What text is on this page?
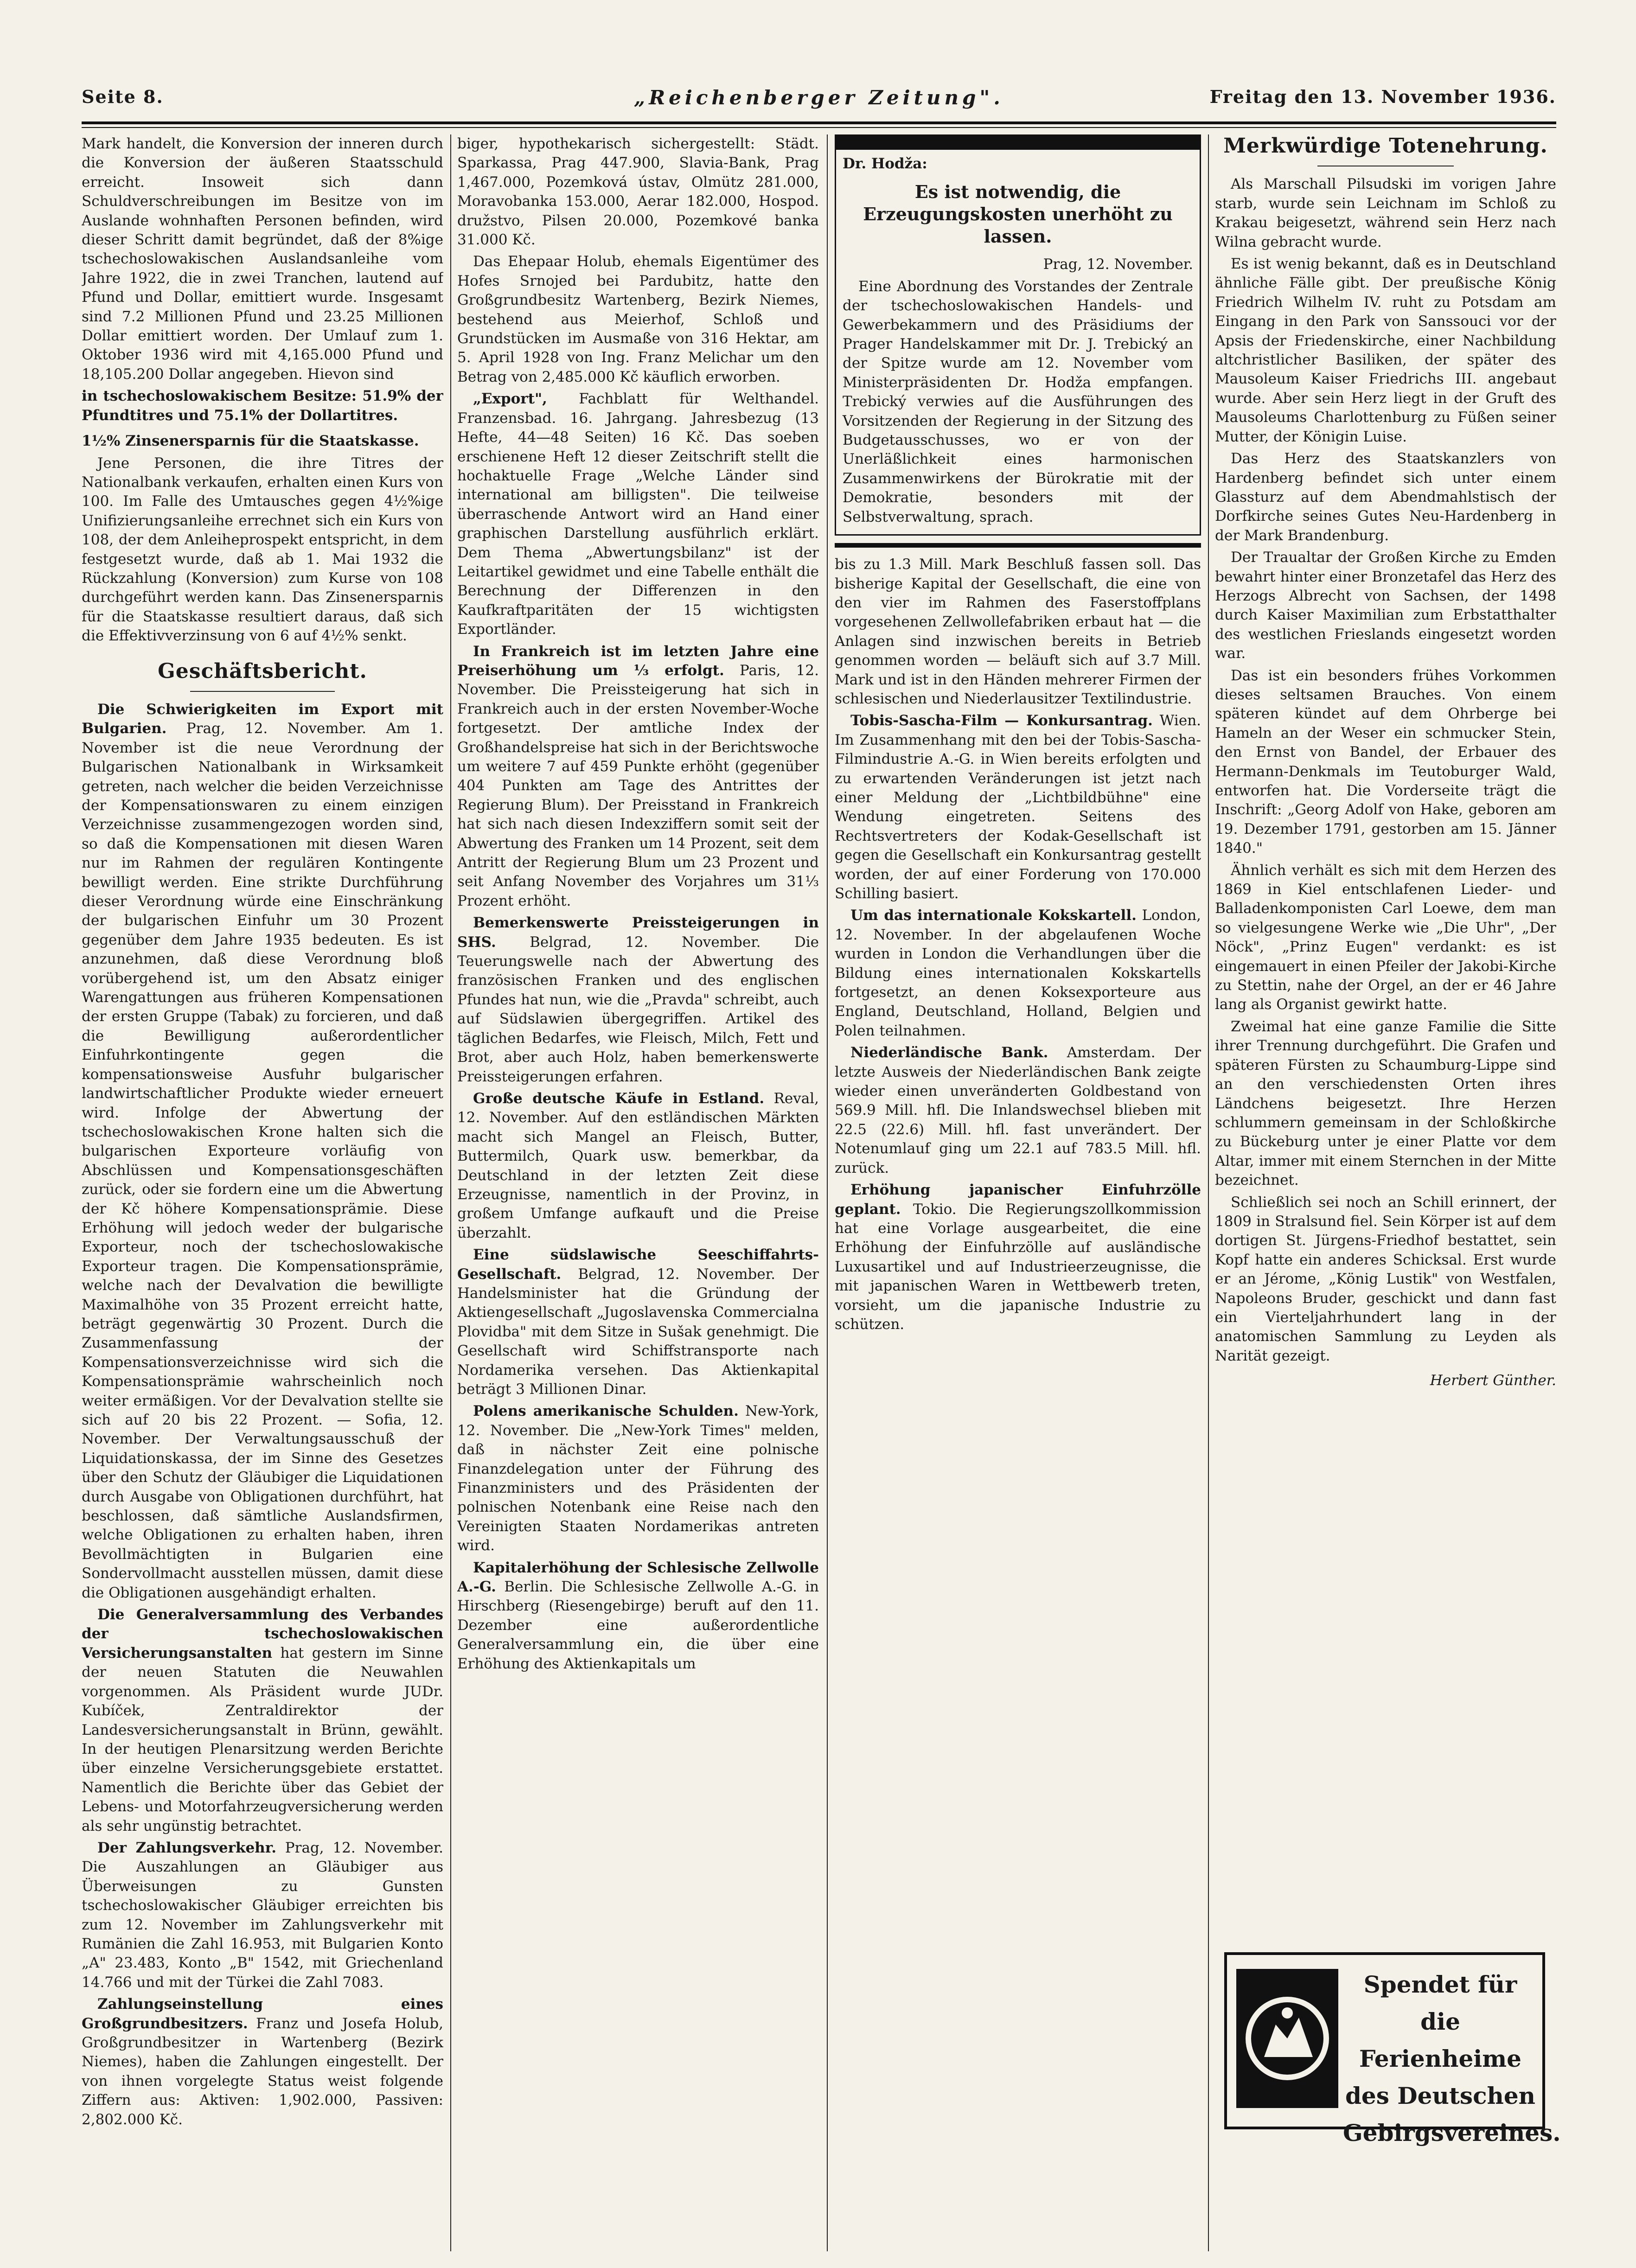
Seite 8.	„Reichenberger Zeitung".	Freitag den 13. November 1936.

Mark handelt, die Konversion der inneren durch die Konversion der äußeren Staatsschuld erreicht. Insoweit sich dann Schuldverschreibungen im Besitze von im Auslande wohnhaften Personen befinden, wird dieser Schritt damit begründet, daß der 8%ige tschechoslowakischen Auslandsanleihe vom Jahre 1922, die in zwei Tranchen, lautend auf Pfund und Dollar, emittiert wurde. Insgesamt sind 7.2 Millionen Pfund und 23.25 Millionen Dollar emittiert worden. Der Umlauf zum 1. Oktober 1936 wird mit 4,165.000 Pfund und 18,105.200 Dollar angegeben. Hievon sind

in tschechoslowakischem Besitze: 51.9% der Pfundtitres und 75.1% der Dollartitres.

1½% Zinsenersparnis für die Staatskasse.

Jene Personen, die ihre Titres der Nationalbank verkaufen, erhalten einen Kurs von 100. Im Falle des Umtausches gegen 4½%ige Unifizierungsanleihe errechnet sich ein Kurs von 108, der dem Anleiheprospekt entspricht, in dem festgesetzt wurde, daß ab 1. Mai 1932 die Rückzahlung (Konversion) zum Kurse von 108 durchgeführt werden kann. Das Zinsenersparnis für die Staatskasse resultiert daraus, daß sich die Effektivverzinsung von 6 auf 4½% senkt.

Geschäftsbericht.

Die Schwierigkeiten im Export mit Bulgarien. Prag, 12. November. Am 1. November ist die neue Verordnung der Bulgarischen Nationalbank in Wirksamkeit getreten, nach welcher die beiden Verzeichnisse der Kompensationswaren zu einem einzigen Verzeichnisse zusammengezogen worden sind, so daß die Kompensationen mit diesen Waren nur im Rahmen der regulären Kontingente bewilligt werden. Eine strikte Durchführung dieser Verordnung würde eine Einschränkung der bulgarischen Einfuhr um 30 Prozent gegenüber dem Jahre 1935 bedeuten. Es ist anzunehmen, daß diese Verordnung bloß vorübergehend ist, um den Absatz einiger Warengattungen aus früheren Kompensationen der ersten Gruppe (Tabak) zu forcieren, und daß die Bewilligung außerordentlicher Einfuhrkontingente gegen die kompensationsweise Ausfuhr bulgarischer landwirtschaftlicher Produkte wieder erneuert wird. Infolge der Abwertung der tschechoslowakischen Krone halten sich die bulgarischen Exporteure vorläufig von Abschlüssen und Kompensationsgeschäften zurück, oder sie fordern eine um die Abwertung der Kč höhere Kompensationsprämie. Diese Erhöhung will jedoch weder der bulgarische Exporteur, noch der tschechoslowakische Exporteur tragen. Die Kompensationsprämie, welche nach der Devalvation die bewilligte Maximalhöhe von 35 Prozent erreicht hatte, beträgt gegenwärtig 30 Prozent. Durch die Zusammenfassung der Kompensationsverzeichnisse wird sich die Kompensationsprämie wahrscheinlich noch weiter ermäßigen. Vor der Devalvation stellte sie sich auf 20 bis 22 Prozent. — Sofia, 12. November. Der Verwaltungsausschuß der Liquidationskassa, der im Sinne des Gesetzes über den Schutz der Gläubiger die Liquidationen durch Ausgabe von Obligationen durchführt, hat beschlossen, daß sämtliche Auslandsfirmen, welche Obligationen zu erhalten haben, ihren Bevollmächtigten in Bulgarien eine Sondervollmacht ausstellen müssen, damit diese die Obligationen ausgehändigt erhalten.

Die Generalversammlung des Verbandes der tschechoslowakischen Versicherungsanstalten hat gestern im Sinne der neuen Statuten die Neuwahlen vorgenommen. Als Präsident wurde JUDr. Kubíček, Zentraldirektor der Landesversicherungsanstalt in Brünn, gewählt. In der heutigen Plenarsitzung werden Berichte über einzelne Versicherungsgebiete erstattet. Namentlich die Berichte über das Gebiet der Lebens- und Motorfahrzeugversicherung werden als sehr ungünstig betrachtet.

Der Zahlungsverkehr. Prag, 12. November. Die Auszahlungen an Gläubiger aus Überweisungen zu Gunsten tschechoslowakischer Gläubiger erreichten bis zum 12. November im Zahlungsverkehr mit Rumänien die Zahl 16.953, mit Bulgarien Konto „A" 23.483, Konto „B" 1542, mit Griechenland 14.766 und mit der Türkei die Zahl 7083.

Zahlungseinstellung eines Großgrundbesitzers. Franz und Josefa Holub, Großgrundbesitzer in Wartenberg (Bezirk Niemes), haben die Zahlungen eingestellt. Der von ihnen vorgelegte Status weist folgende Ziffern aus: Aktiven: 1,902.000, Passiven: 2,802.000 Kč.

biger, hypothekarisch sichergestellt: Städt. Sparkassa, Prag 447.900, Slavia-Bank, Prag 1,467.000, Pozemková ústav, Olmütz 281.000, Moravobanka 153.000, Aerar 182.000, Hospod. družstvo, Pilsen 20.000, Pozemkové banka 31.000 Kč.

Das Ehepaar Holub, ehemals Eigentümer des Hofes Srnojed bei Pardubitz, hatte den Großgrundbesitz Wartenberg, Bezirk Niemes, bestehend aus Meierhof, Schloß und Grundstücken im Ausmaße von 316 Hektar, am 5. April 1928 von Ing. Franz Melichar um den Betrag von 2,485.000 Kč käuflich erworben.

„Export", Fachblatt für Welthandel. Franzensbad. 16. Jahrgang. Jahresbezug (13 Hefte, 44—48 Seiten) 16 Kč. Das soeben erschienene Heft 12 dieser Zeitschrift stellt die hochaktuelle Frage „Welche Länder sind international am billigsten". Die teilweise überraschende Antwort wird an Hand einer graphischen Darstellung ausführlich erklärt. Dem Thema „Abwertungsbilanz" ist der Leitartikel gewidmet und eine Tabelle enthält die Berechnung der Differenzen in den Kaufkraftparitäten der 15 wichtigsten Exportländer.

In Frankreich ist im letzten Jahre eine Preiserhöhung um ⅓ erfolgt. Paris, 12. November. Die Preissteigerung hat sich in Frankreich auch in der ersten November-Woche fortgesetzt. Der amtliche Index der Großhandelspreise hat sich in der Berichtswoche um weitere 7 auf 459 Punkte erhöht (gegenüber 404 Punkten am Tage des Antrittes der Regierung Blum). Der Preisstand in Frankreich hat sich nach diesen Indexziffern somit seit der Abwertung des Franken um 14 Prozent, seit dem Antritt der Regierung Blum um 23 Prozent und seit Anfang November des Vorjahres um 31⅓ Prozent erhöht.

Bemerkenswerte Preissteigerungen in SHS. Belgrad, 12. November. Die Teuerungswelle nach der Abwertung des französischen Franken und des englischen Pfundes hat nun, wie die „Pravda" schreibt, auch auf Südslawien übergegriffen. Artikel des täglichen Bedarfes, wie Fleisch, Milch, Fett und Brot, aber auch Holz, haben bemerkenswerte Preissteigerungen erfahren.

Große deutsche Käufe in Estland. Reval, 12. November. Auf den estländischen Märkten macht sich Mangel an Fleisch, Butter, Buttermilch, Quark usw. bemerkbar, da Deutschland in der letzten Zeit diese Erzeugnisse, namentlich in der Provinz, in großem Umfange aufkauft und die Preise überzahlt.

Eine südslawische Seeschiffahrts-Gesellschaft. Belgrad, 12. November. Der Handelsminister hat die Gründung der Aktiengesellschaft „Jugoslavenska Commercialna Plovidba" mit dem Sitze in Sušak genehmigt. Die Gesellschaft wird Schiffstransporte nach Nordamerika versehen. Das Aktienkapital beträgt 3 Millionen Dinar.

Polens amerikanische Schulden. New-York, 12. November. Die „New-York Times" melden, daß in nächster Zeit eine polnische Finanzdelegation unter der Führung des Finanzministers und des Präsidenten der polnischen Notenbank eine Reise nach den Vereinigten Staaten Nordamerikas antreten wird.

Kapitalerhöhung der Schlesische Zellwolle A.-G. Berlin. Die Schlesische Zellwolle A.-G. in Hirschberg (Riesengebirge) beruft auf den 11. Dezember eine außerordentliche Generalversammlung ein, die über eine Erhöhung des Aktienkapitals um

Dr. Hodža:
Es ist notwendig, die Erzeugungskosten unerhöht zu lassen.

Prag, 12. November.

Eine Abordnung des Vorstandes der Zentrale der tschechoslowakischen Handels- und Gewerbekammern und des Präsidiums der Prager Handelskammer mit Dr. J. Trebický an der Spitze wurde am 12. November vom Ministerpräsidenten Dr. Hodža empfangen. Trebický verwies auf die Ausführungen des Vorsitzenden der Regierung in der Sitzung des Budgetausschusses, wo er von der Unerläßlichkeit eines harmonischen Zusammenwirkens der Bürokratie mit der Demokratie, besonders mit der Selbstverwaltung, sprach.

bis zu 1.3 Mill. Mark Beschluß fassen soll. Das bisherige Kapital der Gesellschaft, die eine von den vier im Rahmen des Faserstoffplans vorgesehenen Zellwollefabriken erbaut hat — die Anlagen sind inzwischen bereits in Betrieb genommen worden — beläuft sich auf 3.7 Mill. Mark und ist in den Händen mehrerer Firmen der schlesischen und Niederlausitzer Textilindustrie.

Tobis-Sascha-Film — Konkursantrag. Wien. Im Zusammenhang mit den bei der Tobis-Sascha-Filmindustrie A.-G. in Wien bereits erfolgten und zu erwartenden Veränderungen ist jetzt nach einer Meldung der „Lichtbildbühne" eine Wendung eingetreten. Seitens des Rechtsvertreters der Kodak-Gesellschaft ist gegen die Gesellschaft ein Konkursantrag gestellt worden, der auf einer Forderung von 170.000 Schilling basiert.

Um das internationale Kokskartell. London, 12. November. In der abgelaufenen Woche wurden in London die Verhandlungen über die Bildung eines internationalen Kokskartells fortgesetzt, an denen Koksexporteure aus England, Deutschland, Holland, Belgien und Polen teilnahmen.

Niederländische Bank. Amsterdam. Der letzte Ausweis der Niederländischen Bank zeigte wieder einen unveränderten Goldbestand von 569.9 Mill. hfl. Die Inlandswechsel blieben mit 22.5 (22.6) Mill. hfl. fast unverändert. Der Notenumlauf ging um 22.1 auf 783.5 Mill. hfl. zurück.

Erhöhung japanischer Einfuhrzölle geplant. Tokio. Die Regierungszollkommission hat eine Vorlage ausgearbeitet, die eine Erhöhung der Einfuhrzölle auf ausländische Luxusartikel und auf Industrieerzeugnisse, die mit japanischen Waren in Wettbewerb treten, vorsieht, um die japanische Industrie zu schützen.

Merkwürdige Totenehrung.

Als Marschall Pilsudski im vorigen Jahre starb, wurde sein Leichnam im Schloß zu Krakau beigesetzt, während sein Herz nach Wilna gebracht wurde.

Es ist wenig bekannt, daß es in Deutschland ähnliche Fälle gibt. Der preußische König Friedrich Wilhelm IV. ruht zu Potsdam am Eingang in den Park von Sanssouci vor der Apsis der Friedenskirche, einer Nachbildung altchristlicher Basiliken, der später des Mausoleum Kaiser Friedrichs III. angebaut wurde. Aber sein Herz liegt in der Gruft des Mausoleums Charlottenburg zu Füßen seiner Mutter, der Königin Luise.

Das Herz des Staatskanzlers von Hardenberg befindet sich unter einem Glassturz auf dem Abendmahlstisch der Dorfkirche seines Gutes Neu-Hardenberg in der Mark Brandenburg.

Der Traualtar der Großen Kirche zu Emden bewahrt hinter einer Bronzetafel das Herz des Herzogs Albrecht von Sachsen, der 1498 durch Kaiser Maximilian zum Erbstatthalter des westlichen Frieslands eingesetzt worden war.

Das ist ein besonders frühes Vorkommen dieses seltsamen Brauches. Von einem späteren kündet auf dem Ohrberge bei Hameln an der Weser ein schmucker Stein, den Ernst von Bandel, der Erbauer des Hermann-Denkmals im Teutoburger Wald, entworfen hat. Die Vorderseite trägt die Inschrift: „Georg Adolf von Hake, geboren am 19. Dezember 1791, gestorben am 15. Jänner 1840."

Ähnlich verhält es sich mit dem Herzen des 1869 in Kiel entschlafenen Lieder- und Balladenkomponisten Carl Loewe, dem man so vielgesungene Werke wie „Die Uhr", „Der Nöck", „Prinz Eugen" verdankt: es ist eingemauert in einen Pfeiler der Jakobi-Kirche zu Stettin, nahe der Orgel, an der er 46 Jahre lang als Organist gewirkt hatte.

Zweimal hat eine ganze Familie die Sitte ihrer Trennung durchgeführt. Die Grafen und späteren Fürsten zu Schaumburg-Lippe sind an den verschiedensten Orten ihres Ländchens beigesetzt. Ihre Herzen schlummern gemeinsam in der Schloßkirche zu Bückeburg unter je einer Platte vor dem Altar, immer mit einem Sternchen in der Mitte bezeichnet.

Schließlich sei noch an Schill erinnert, der 1809 in Stralsund fiel. Sein Körper ist auf dem dortigen St. Jürgens-Friedhof bestattet, sein Kopf hatte ein anderes Schicksal. Erst wurde er an Jérome, „König Lustik" von Westfalen, Napoleons Bruder, geschickt und dann fast ein Vierteljahrhundert lang in der anatomischen Sammlung zu Leyden als Narität gezeigt.

Herbert Günther.
Spendet für die
Ferienheime
des Deutschen
Gebirgsvereines.
